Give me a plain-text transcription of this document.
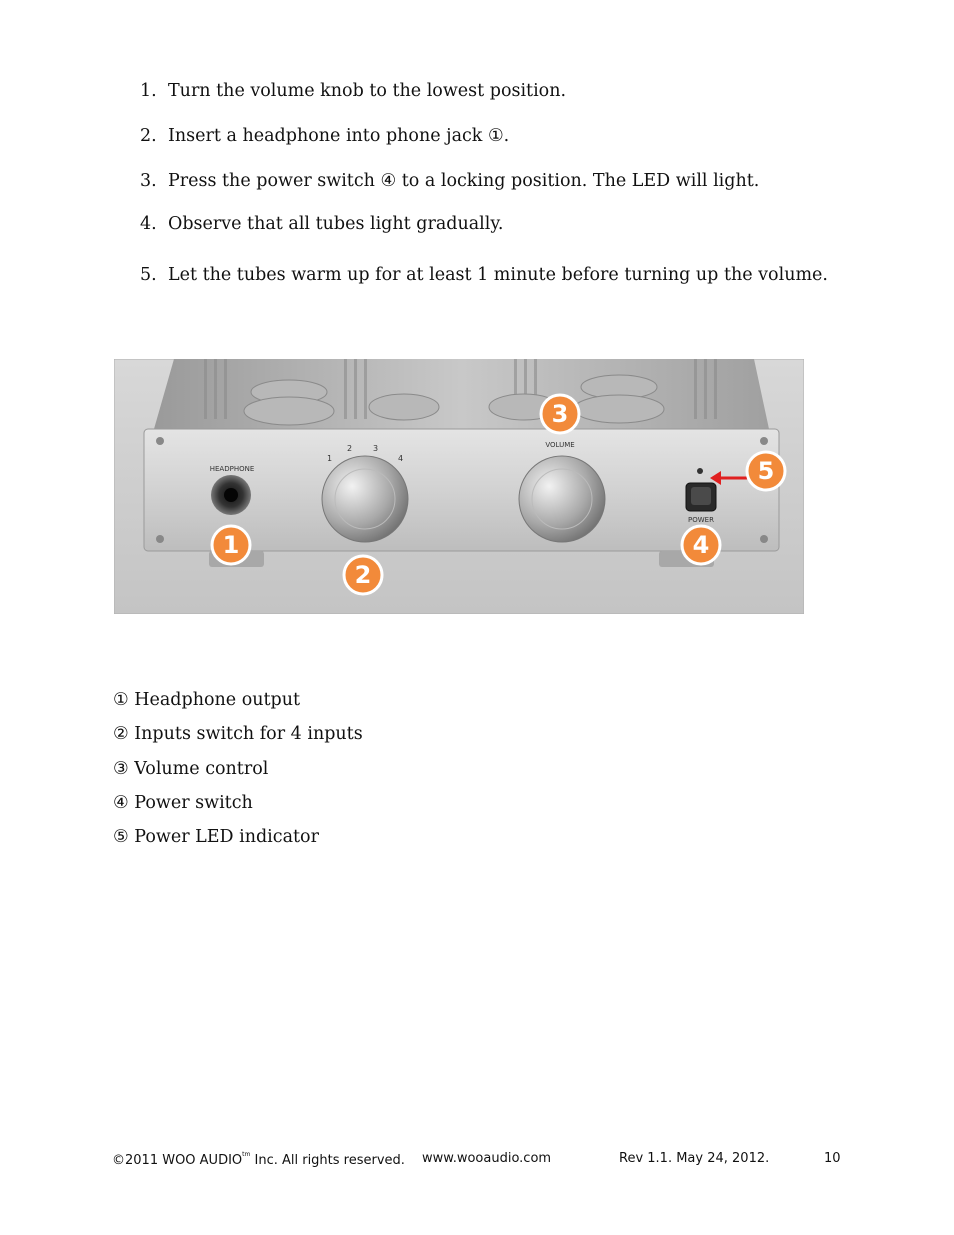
1. Turn the volume knob to the lowest position.
2. Insert a headphone into phone jack ①.
3. Press the power switch ④ to a locking position. The LED will light.
4. Observe that all tubes light gradually.
5. Let the tubes warm up for at least 1 minute before turning up the volume.
HEADPHONE
1
2	3
4
VOLUME
POWER
1
2
3
4
5
① Headphone output
② Inputs switch for 4 inputs
③ Volume control
④ Power switch
⑤ Power LED indicator
©2011 WOO $AUDIO^{tm}$ Inc. All rights reserved. www.wooaudio.com	Rev 1.1. May 24, 2012.	10
